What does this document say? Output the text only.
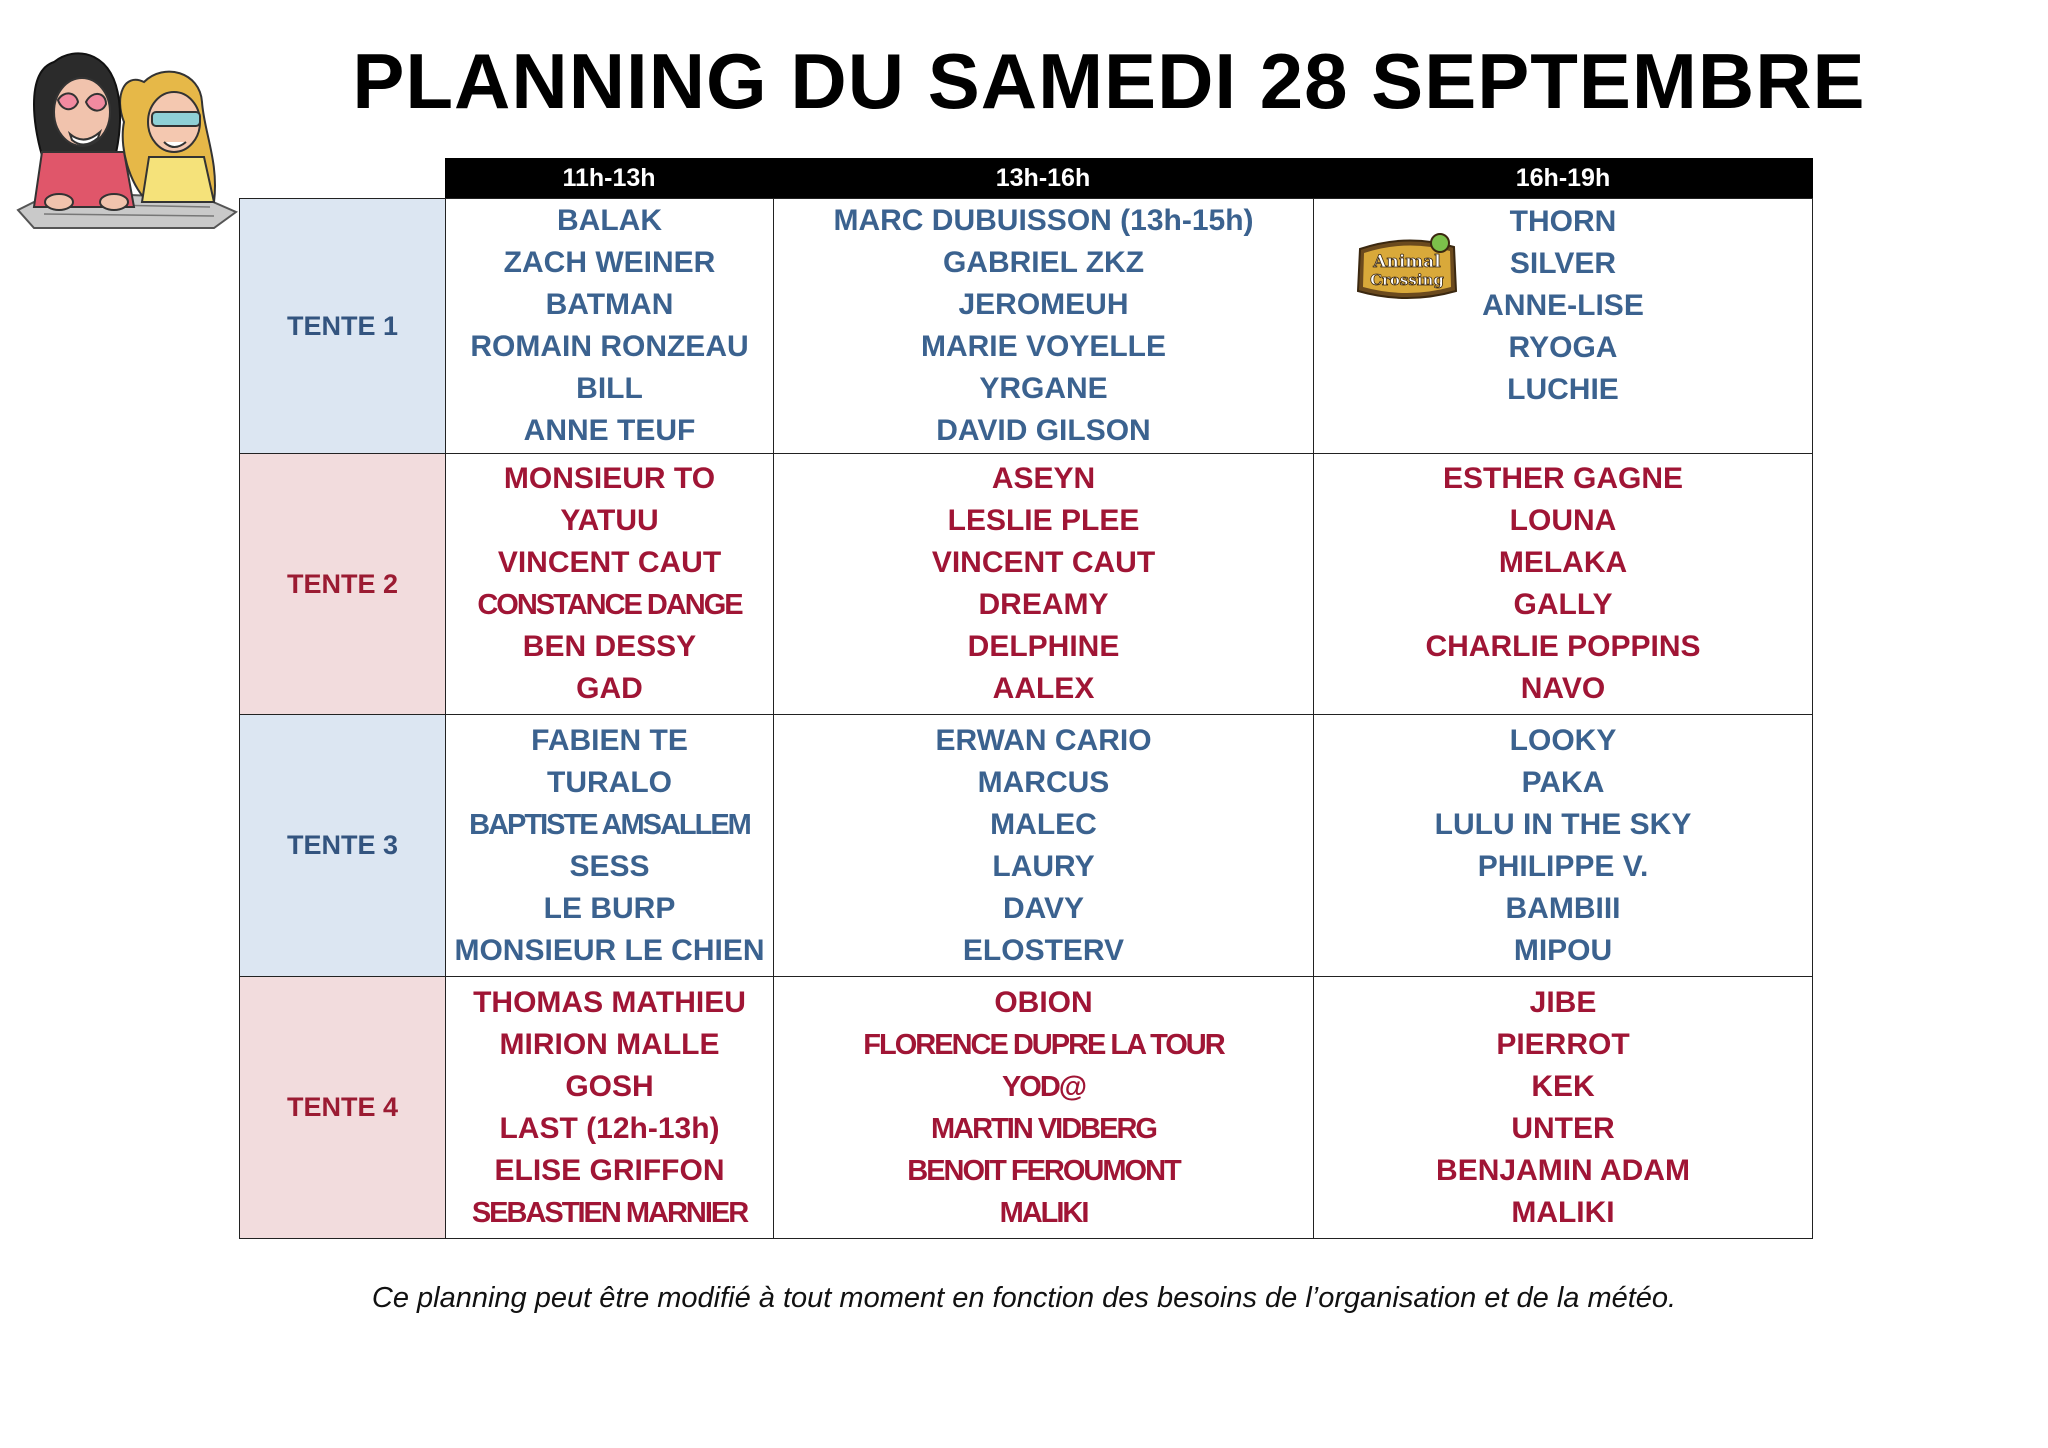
PLANNING DU SAMEDI 28 SEPTEMBRE
11h-13h	13h-16h	16h-19h
TENTE 1
BALAK
ZACH WEINER
BATMAN
ROMAIN RONZEAU
BILL
ANNE TEUF
MARC DUBUISSON (13h-15h)
GABRIEL ZKZ
JEROMEUH
MARIE VOYELLE
YRGANE
DAVID GILSON
Animal
Crossing
THORN
SILVER
ANNE-LISE
RYOGA
LUCHIE
TENTE 2
MONSIEUR TO
YATUU
VINCENT CAUT
CONSTANCE DANGE
BEN DESSY
GAD
ASEYN
LESLIE PLEE
VINCENT CAUT
DREAMY
DELPHINE
AALEX
ESTHER GAGNE
LOUNA
MELAKA
GALLY
CHARLIE POPPINS
NAVO
TENTE 3
FABIEN TE
TURALO
BAPTISTE AMSALLEM
SESS
LE BURP
MONSIEUR LE CHIEN
ERWAN CARIO
MARCUS
MALEC
LAURY
DAVY
ELOSTERV
LOOKY
PAKA
LULU IN THE SKY
PHILIPPE V.
BAMBIII
MIPOU
TENTE 4
THOMAS MATHIEU
MIRION MALLE
GOSH
LAST (12h-13h)
ELISE GRIFFON
SEBASTIEN MARNIER
OBION
FLORENCE DUPRE LA TOUR
YOD@
MARTIN VIDBERG
BENOIT FEROUMONT
MALIKI
JIBE
PIERROT
KEK
UNTER
BENJAMIN ADAM
MALIKI
Ce planning peut être modifié à tout moment en fonction des besoins de l’organisation et de la météo.
